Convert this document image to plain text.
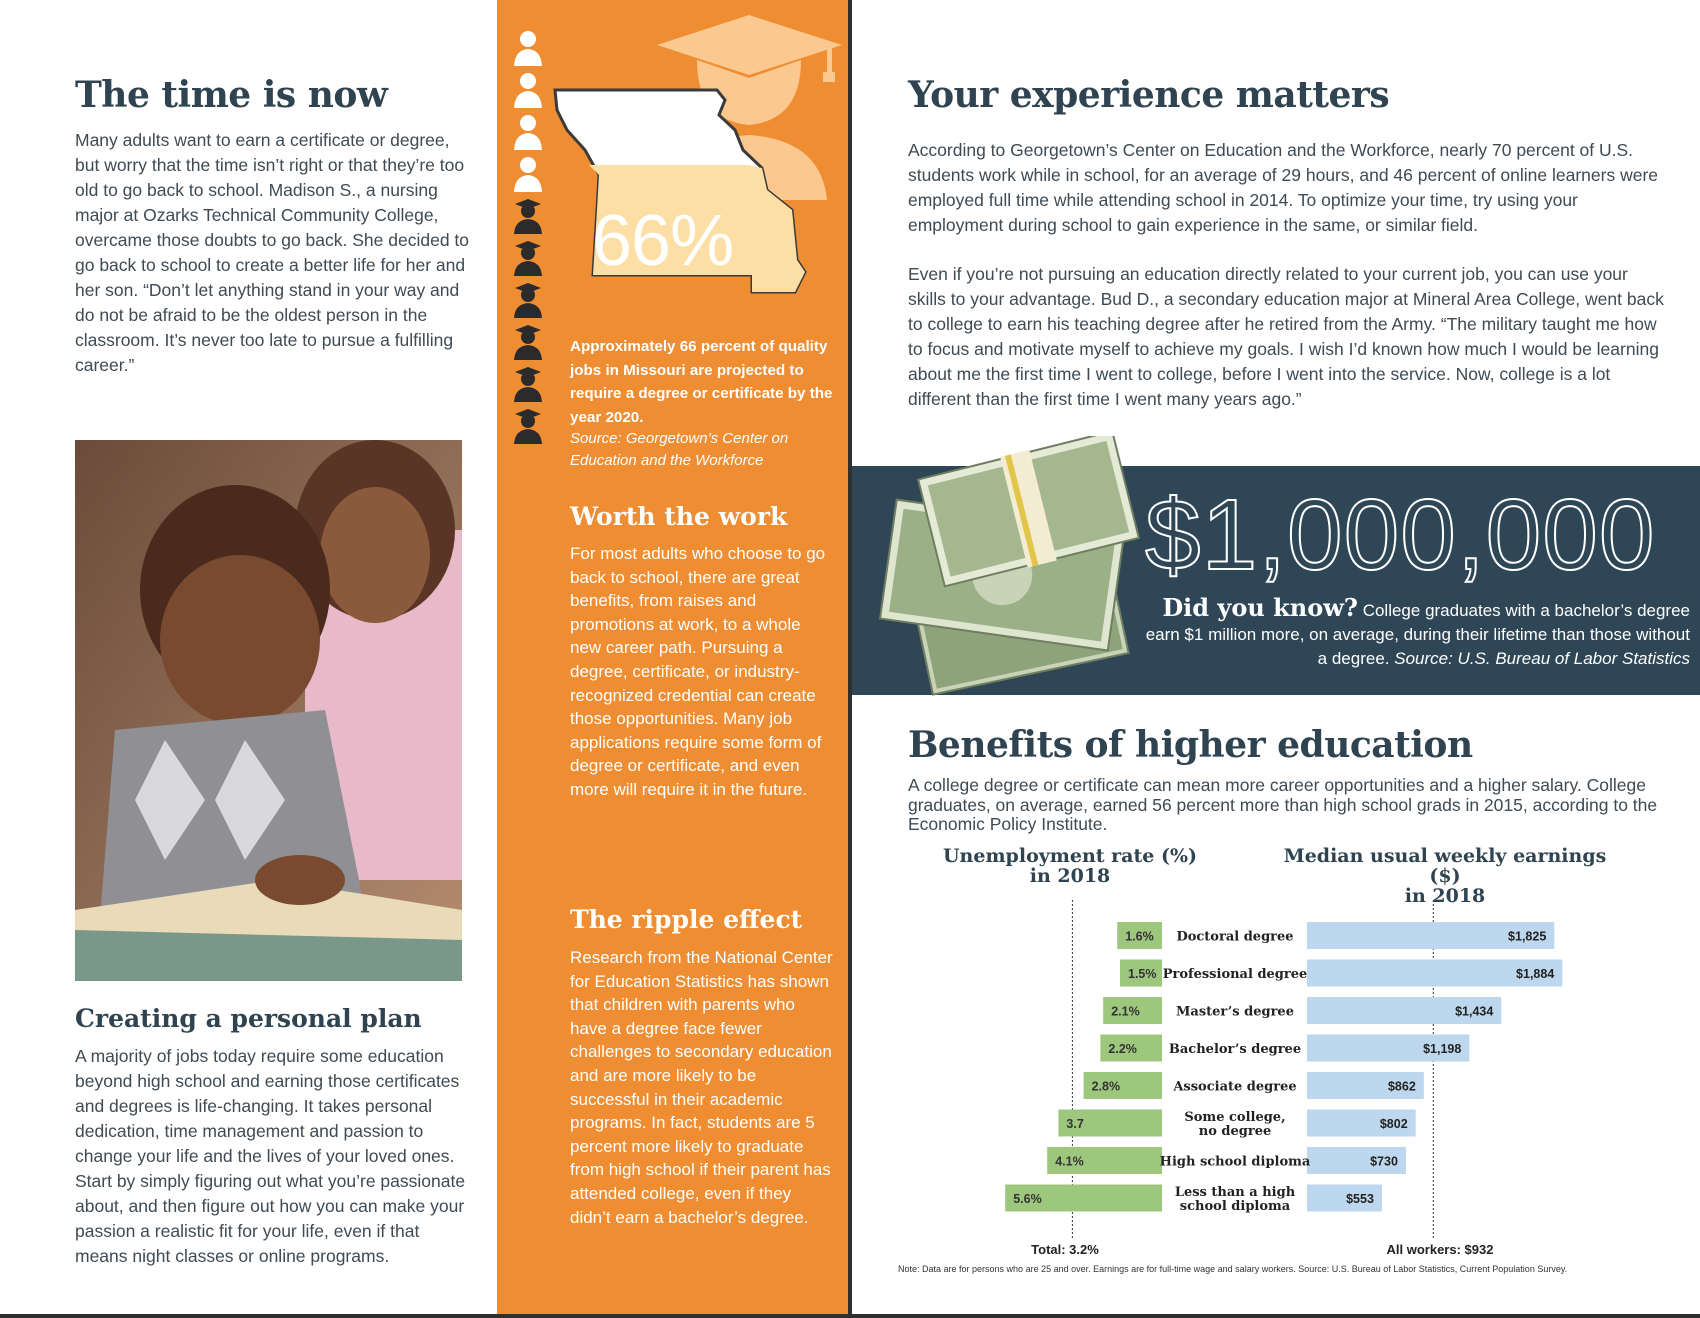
The time is now

Many adults want to earn a certificate or degree, but worry that the time isn’t right or that they’re too old to go back to school. Madison S., a nursing major at Ozarks Technical Community College, overcame those doubts to go back. She decided to go back to school to create a better life for her and her son. “Don’t let anything stand in your way and do not be afraid to be the oldest person in the classroom. It’s never too late to pursue a fulfilling career.”

Creating a personal plan

A majority of jobs today require some education beyond high school and earning those certificates and degrees is life-changing. It takes personal dedication, time management and passion to change your life and the lives of your loved ones. Start by simply figuring out what you’re passionate about, and then figure out how you can make your passion a realistic fit for your life, even if that means night classes or online programs.

66%

Approximately 66 percent of quality jobs in Missouri are projected to require a degree or certificate by the year 2020.

Source: Georgetown’s Center on Education and the Workforce

Worth the work

For most adults who choose to go back to school, there are great benefits, from raises and promotions at work, to a whole new career path. Pursuing a degree, certificate, or industry-recognized credential can create those opportunities. Many job applications require some form of degree or certificate, and even more will require it in the future.

The ripple effect

Research from the National Center for Education Statistics has shown that children with parents who have a degree face fewer challenges to secondary education and are more likely to be successful in their academic programs. In fact, students are 5 percent more likely to graduate from high school if their parent has attended college, even if they didn’t earn a bachelor’s degree.

Your experience matters

According to Georgetown’s Center on Education and the Workforce, nearly 70 percent of U.S. students work while in school, for an average of 29 hours, and 46 percent of online learners were employed full time while attending school in 2014. To optimize your time, try using your employment during school to gain experience in the same, or similar field.

Even if you’re not pursuing an education directly related to your current job, you can use your skills to your advantage. Bud D., a secondary education major at Mineral Area College, went back to college to earn his teaching degree after he retired from the Army. “The military taught me how to focus and motivate myself to achieve my goals. I wish I’d known how much I would be learning about me the first time I went to college, before I went into the service. Now, college is a lot different than the first time I went many years ago.”

$1,000,000

Did you know? College graduates with a bachelor’s degree earn $1 million more, on average, during their lifetime than those without a degree. Source: U.S. Bureau of Labor Statistics

Benefits of higher education

A college degree or certificate can mean more career opportunities and a higher salary. College graduates, on average, earned 56 percent more than high school grads in 2015, according to the Economic Policy Institute.

Unemployment rate (%)
in 2018
Median usual weekly earnings ($)
in 2018
1.6%	$1,825
Doctoral degree
1.5%	$1,884
Professional degree
2.1%	$1,434
Master’s degree
2.2%	$1,198
Bachelor’s degree
2.8%	$862
Associate degree
3.7	$802
Some college,
no degree
4.1%	$730
High school diploma
5.6%	$553
Less than a high
school diploma
Total: 3.2%	All workers: $932
Note: Data are for persons who are 25 and over. Earnings are for full-time wage and salary workers. Source: U.S. Bureau of Labor Statistics, Current Population Survey.
